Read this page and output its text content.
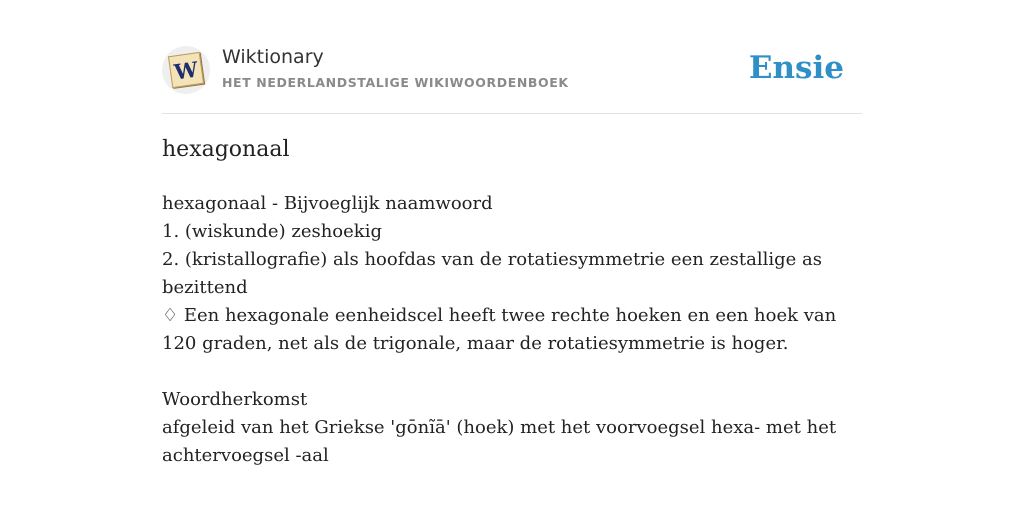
W Wiktionary
HET NEDERLANDSTALIGE WIKIWOORDENBOEK	Ensie
hexagonaal

hexagonaal - Bijvoeglijk naamwoord

1. (wiskunde) zeshoekig

2. (kristallografie) als hoofdas van de rotatiesymmetrie een zestallige as bezittend

♢ Een hexagonale eenheidscel heeft twee rechte hoeken en een hoek van 120 graden, net als de trigonale, maar de rotatiesymmetrie is hoger.

Woordherkomst

afgeleid van het Griekse 'gōnĩā' (hoek) met het voorvoegsel hexa- met het achtervoegsel -aal
